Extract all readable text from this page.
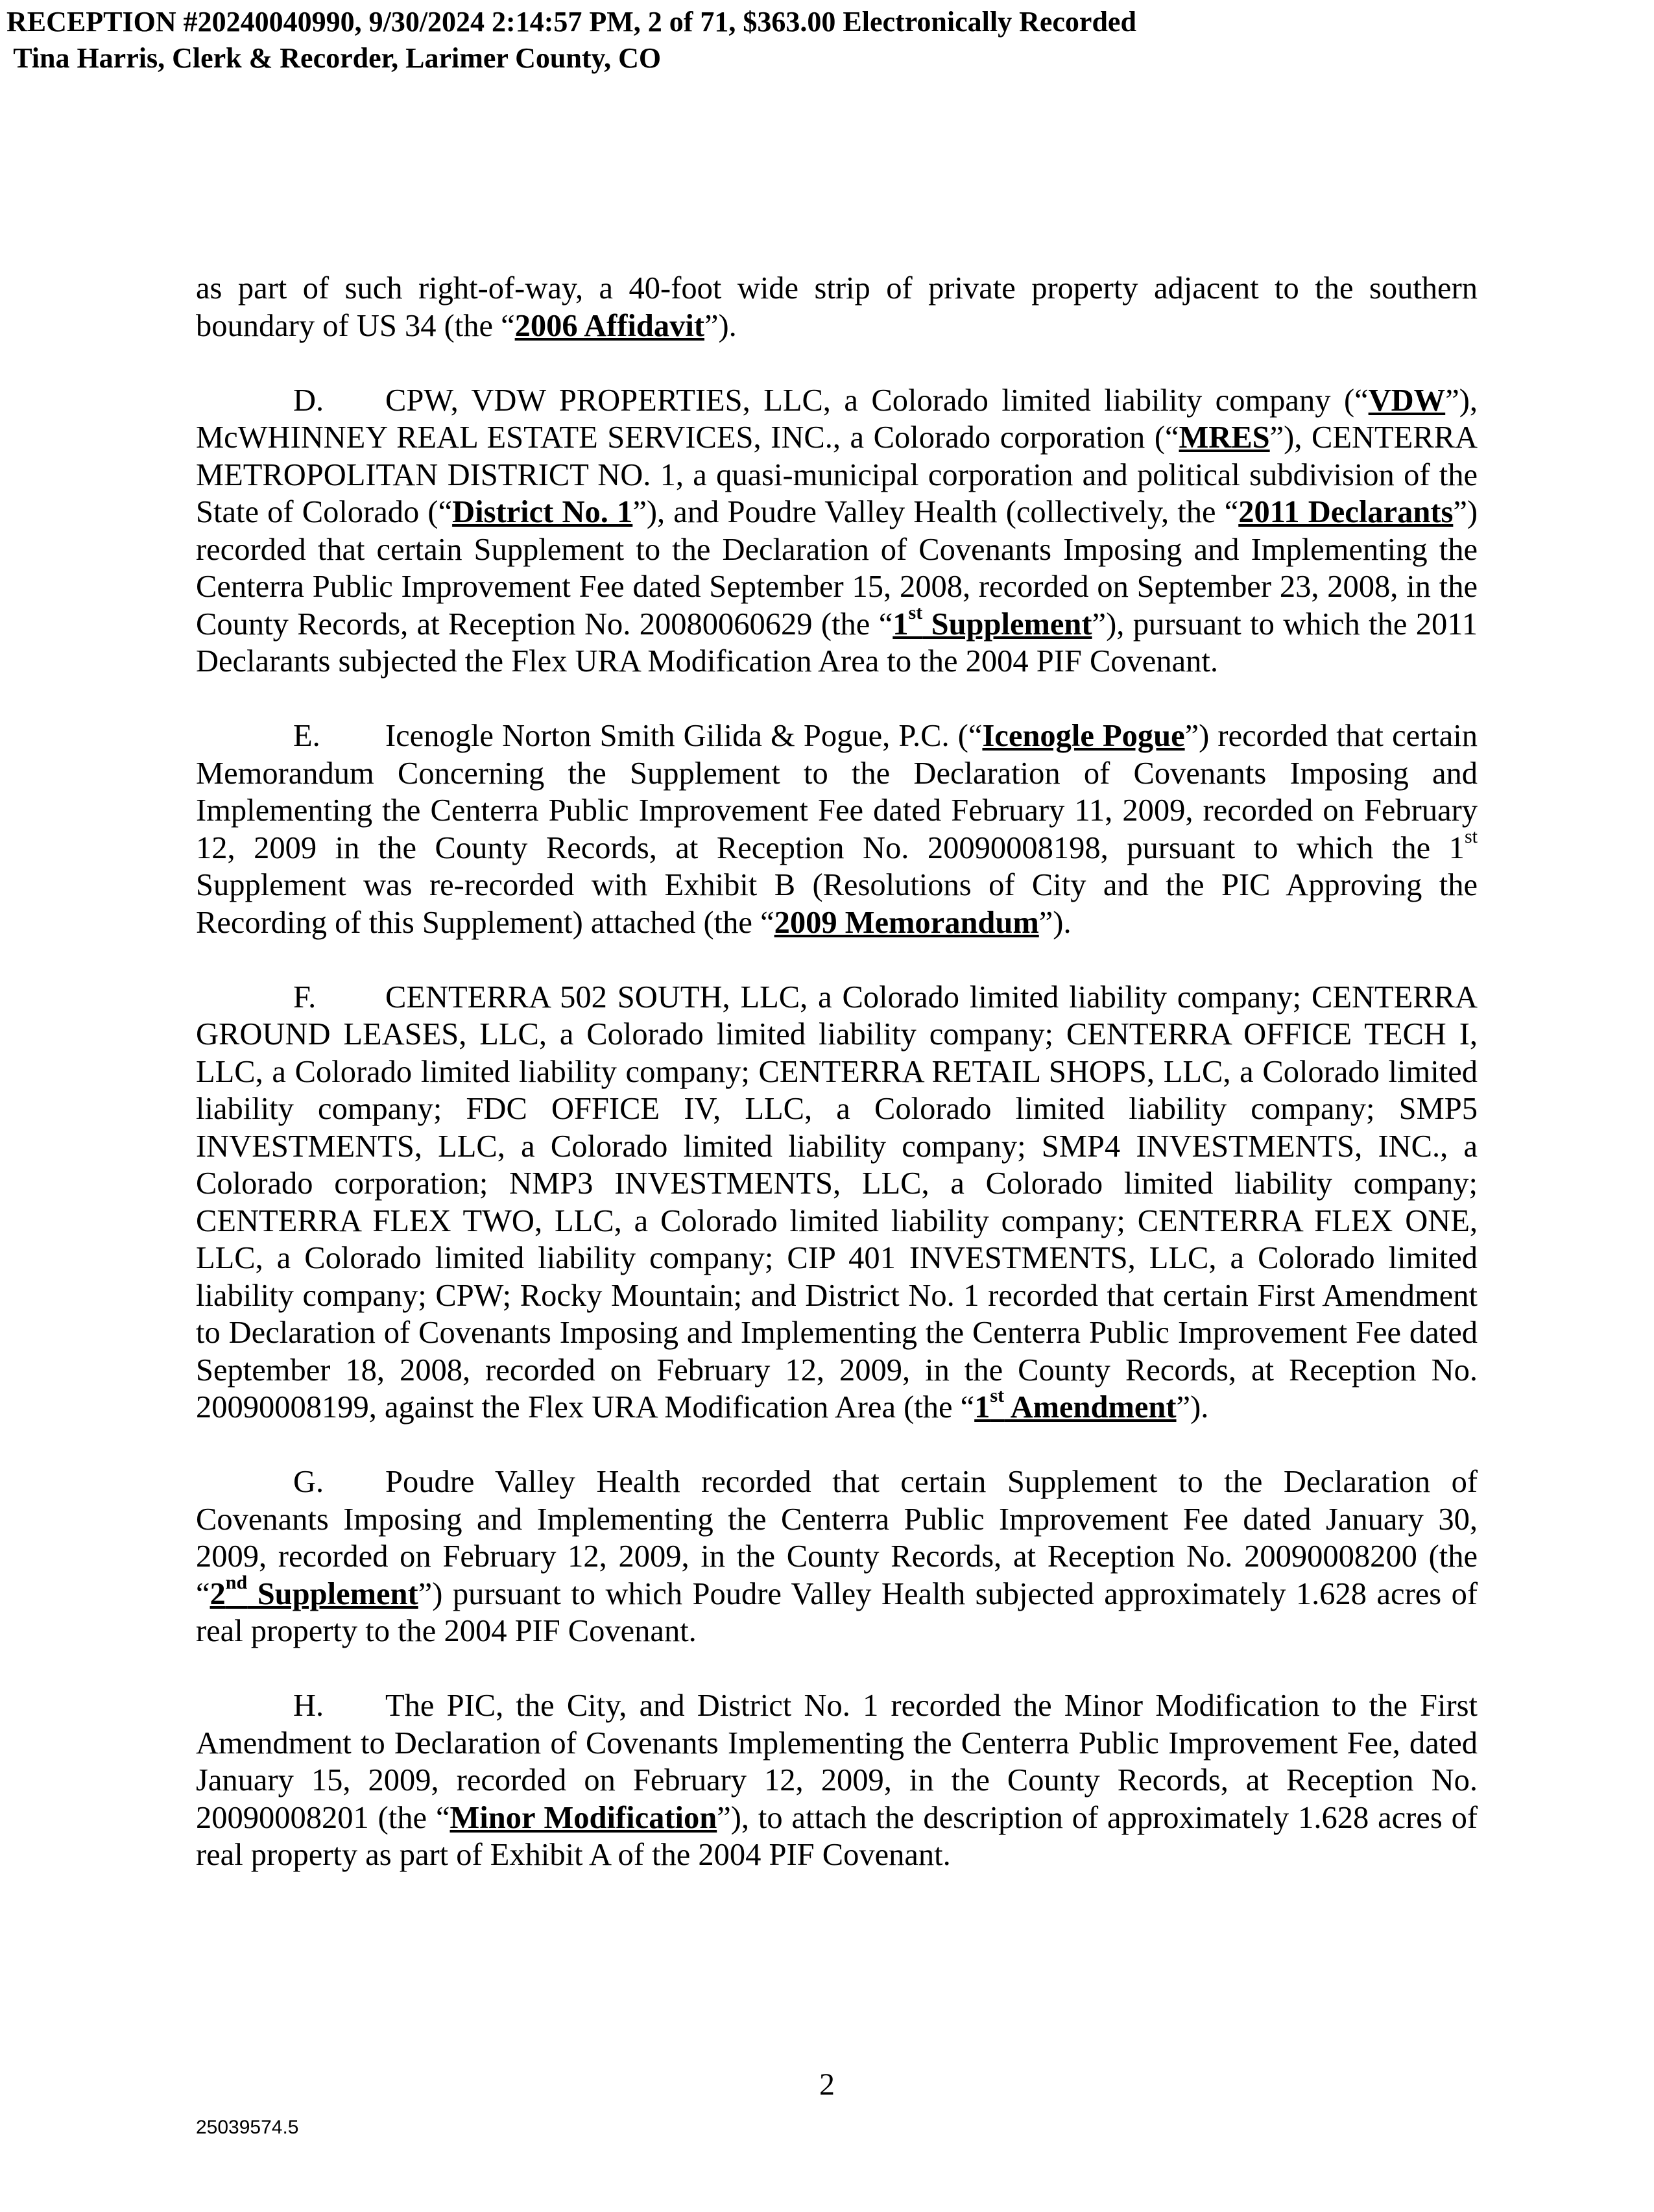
RECEPTION #20240040990, 9/30/2024 2:14:57 PM, 2 of 71, $363.00 Electronically Recorded
Tina Harris, Clerk & Recorder, Larimer County, CO

as part of such right-of-way, a 40-foot wide strip of private property adjacent to the southern boundary of US 34 (the “2006 Affidavit”).

D. CPW, VDW PROPERTIES, LLC, a Colorado limited liability company (“VDW”), McWHINNEY REAL ESTATE SERVICES, INC., a Colorado corporation (“MRES”), CENTERRA METROPOLITAN DISTRICT NO. 1, a quasi-municipal corporation and political subdivision of the State of Colorado (“District No. 1”), and Poudre Valley Health (collectively, the “2011 Declarants”) recorded that certain Supplement to the Declaration of Covenants Imposing and Implementing the Centerra Public Improvement Fee dated September 15, 2008, recorded on September 23, 2008, in the County Records, at Reception No. 20080060629 (the “1st Supplement”), pursuant to which the 2011 Declarants subjected the Flex URA Modification Area to the 2004 PIF Covenant.

E. Icenogle Norton Smith Gilida & Pogue, P.C. (“Icenogle Pogue”) recorded that certain Memorandum Concerning the Supplement to the Declaration of Covenants Imposing and Implementing the Centerra Public Improvement Fee dated February 11, 2009, recorded on February 12, 2009 in the County Records, at Reception No. 20090008198, pursuant to which the 1st Supplement was re-recorded with Exhibit B (Resolutions of City and the PIC Approving the Recording of this Supplement) attached (the “2009 Memorandum”).

F. CENTERRA 502 SOUTH, LLC, a Colorado limited liability company; CENTERRA GROUND LEASES, LLC, a Colorado limited liability company; CENTERRA OFFICE TECH I, LLC, a Colorado limited liability company; CENTERRA RETAIL SHOPS, LLC, a Colorado limited liability company; FDC OFFICE IV, LLC, a Colorado limited liability company; SMP5 INVESTMENTS, LLC, a Colorado limited liability company; SMP4 INVESTMENTS, INC., a Colorado corporation; NMP3 INVESTMENTS, LLC, a Colorado limited liability company; CENTERRA FLEX TWO, LLC, a Colorado limited liability company; CENTERRA FLEX ONE, LLC, a Colorado limited liability company; CIP 401 INVESTMENTS, LLC, a Colorado limited liability company; CPW; Rocky Mountain; and District No. 1 recorded that certain First Amendment to Declaration of Covenants Imposing and Implementing the Centerra Public Improvement Fee dated September 18, 2008, recorded on February 12, 2009, in the County Records, at Reception No. 20090008199, against the Flex URA Modification Area (the “1st Amendment”).

G. Poudre Valley Health recorded that certain Supplement to the Declaration of Covenants Imposing and Implementing the Centerra Public Improvement Fee dated January 30, 2009, recorded on February 12, 2009, in the County Records, at Reception No. 20090008200 (the “2nd Supplement”) pursuant to which Poudre Valley Health subjected approximately 1.628 acres of real property to the 2004 PIF Covenant.

H. The PIC, the City, and District No. 1 recorded the Minor Modification to the First Amendment to Declaration of Covenants Implementing the Centerra Public Improvement Fee, dated January 15, 2009, recorded on February 12, 2009, in the County Records, at Reception No. 20090008201 (the “Minor Modification”), to attach the description of approximately 1.628 acres of real property as part of Exhibit A of the 2004 PIF Covenant.

2
25039574.5
